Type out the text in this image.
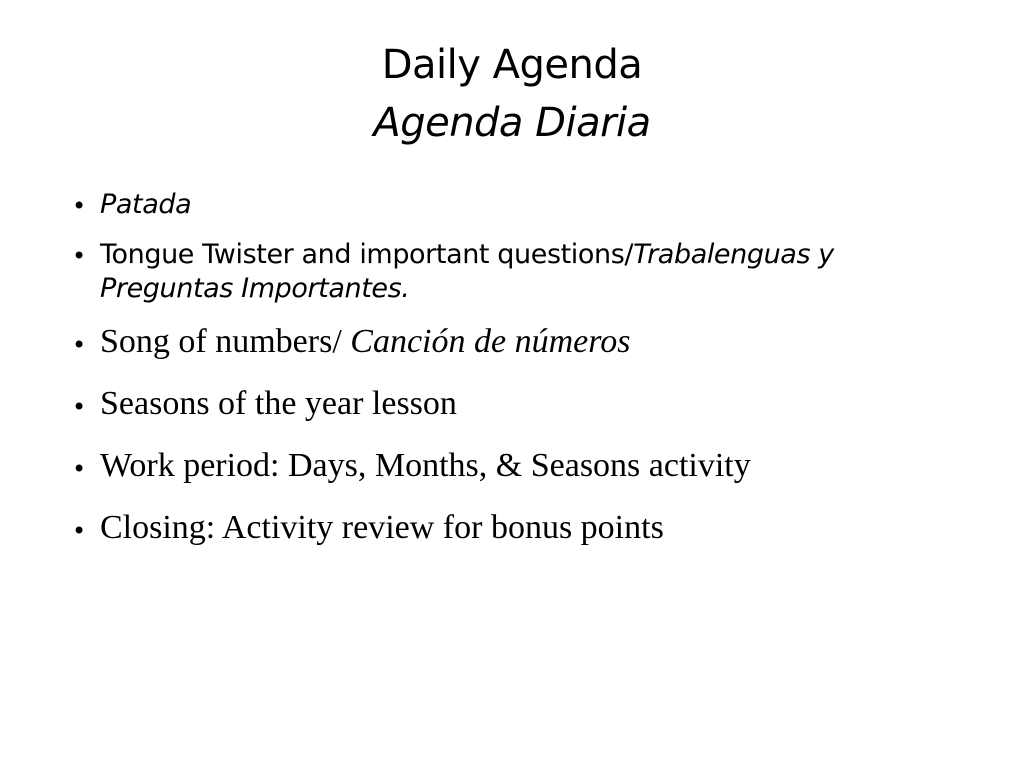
Daily Agenda
Agenda Diaria
• Patada
• Tongue Twister and important questions/Trabalenguas y Preguntas Importantes.
• Song of numbers/ Canción de números
• Seasons of the year lesson
• Work period: Days, Months, & Seasons activity
• Closing: Activity review for bonus points
